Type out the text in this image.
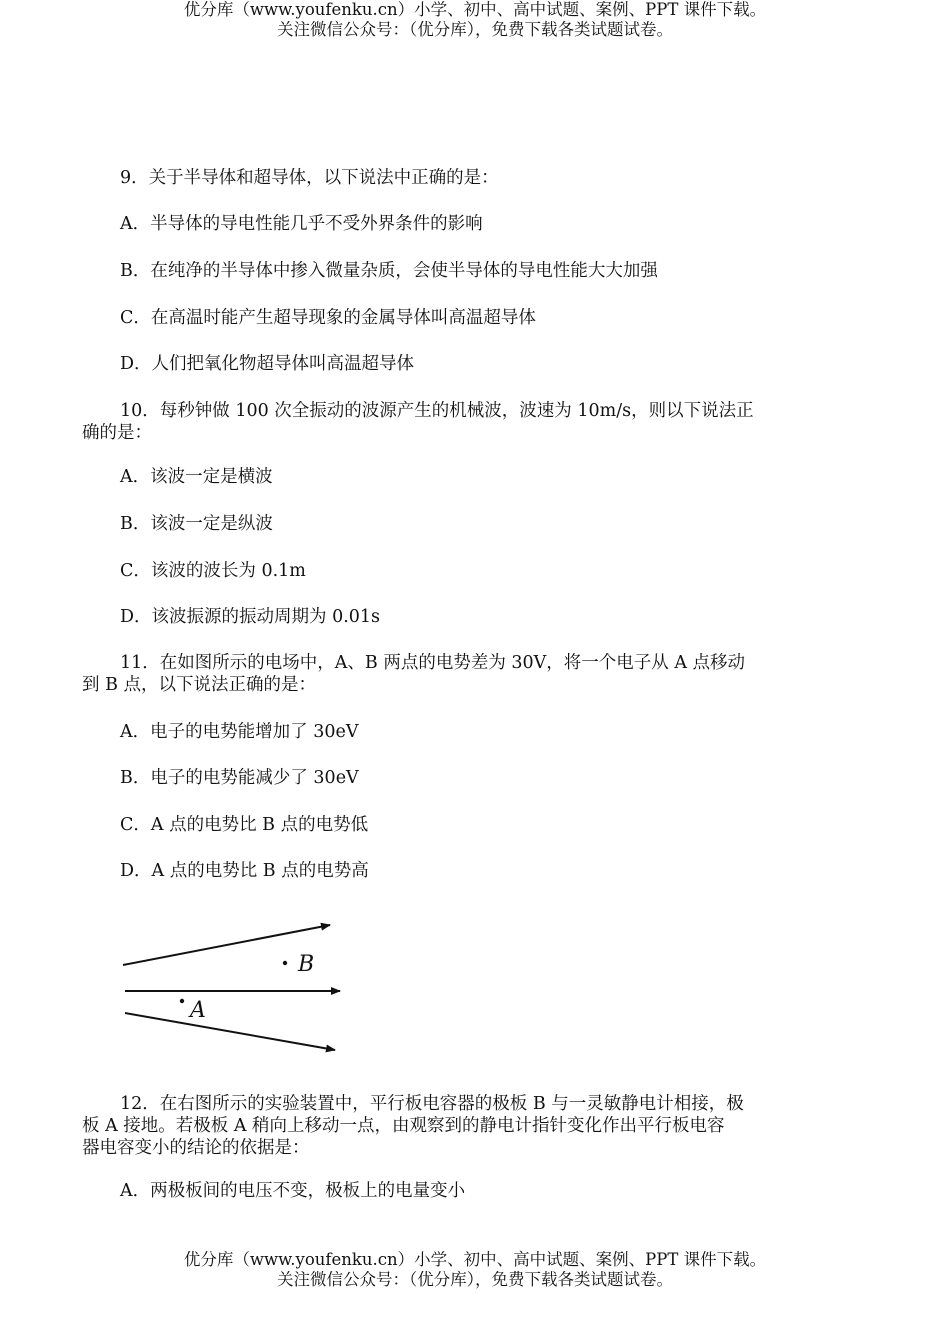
优分库（www.youfenku.cn）小学、初中、高中试题、案例、PPT 课件下载。
关注微信公众号：（优分库），免费下载各类试题试卷。
9．关于半导体和超导体，以下说法中正确的是：
A．半导体的导电性能几乎不受外界条件的影响
B．在纯净的半导体中掺入微量杂质，会使半导体的导电性能大大加强
C．在高温时能产生超导现象的金属导体叫高温超导体
D．人们把氧化物超导体叫高温超导体
10．每秒钟做 100 次全振动的波源产生的机械波，波速为 10m/s，则以下说法正
确的是：
A．该波一定是横波
B．该波一定是纵波
C．该波的波长为 0.1m
D．该波振源的振动周期为 0.01s
11．在如图所示的电场中，A、B 两点的电势差为 30V，将一个电子从 A 点移动
到 B 点，以下说法正确的是：
A．电子的电势能增加了 30eV
B．电子的电势能减少了 30eV
C．A 点的电势比 B 点的电势低
D．A 点的电势比 B 点的电势高
B
A
12．在右图所示的实验装置中，平行板电容器的极板 B 与一灵敏静电计相接，极
板 A 接地。若极板 A 稍向上移动一点，由观察到的静电计指针变化作出平行板电容
器电容变小的结论的依据是：
A．两极板间的电压不变，极板上的电量变小
优分库（www.youfenku.cn）小学、初中、高中试题、案例、PPT 课件下载。
关注微信公众号：（优分库），免费下载各类试题试卷。
